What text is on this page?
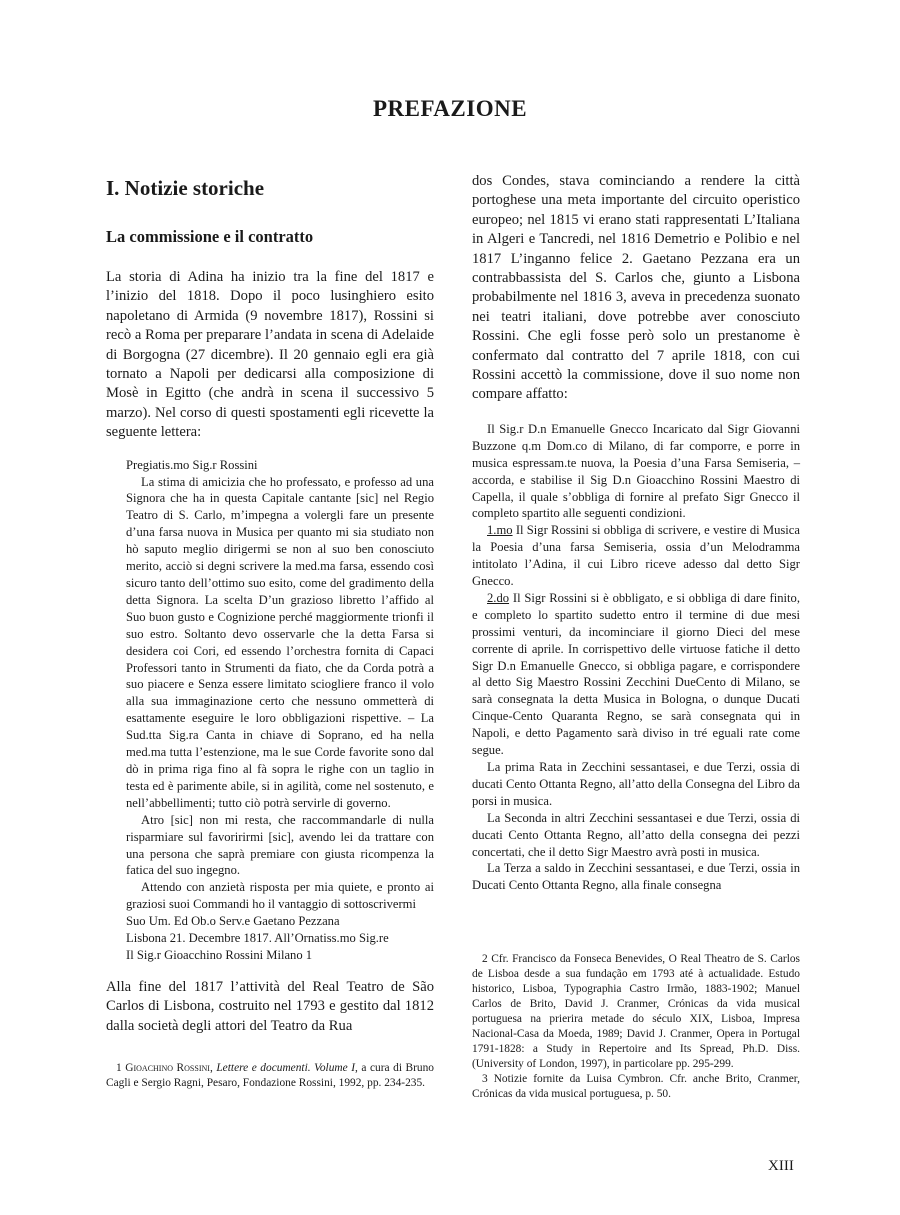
PREFAZIONE
I. Notizie storiche
La commissione e il contratto

La storia di Adina ha inizio tra la fine del 1817 e l’inizio del 1818. Dopo il poco lusinghiero esito napoletano di Armida (9 novembre 1817), Rossini si recò a Roma per preparare l’andata in scena di Adelaide di Borgogna (27 dicembre). Il 20 gennaio egli era già tornato a Napoli per dedicarsi alla composizione di Mosè in Egitto (che andrà in scena il successivo 5 marzo). Nel corso di questi spostamenti egli ricevette la seguente lettera:

Pregiatis.mo Sig.r Rossini

La stima di amicizia che ho professato, e professo ad una Signora che ha in questa Capitale cantante [sic] nel Regio Teatro di S. Carlo, m’impegna a volergli fare un presente d’una farsa nuova in Musica per quanto mi sia studiato non hò saputo meglio dirigermi se non al suo ben conosciuto merito, acciò si degni scrivere la med.ma farsa, essendo così sicuro tanto dell’ottimo suo esito, come del gradimento della detta Signora. La scelta D’un grazioso libretto l’affido al Suo buon gusto e Cognizione perché maggiormente trionfi il suo estro. Soltanto devo osservarle che la detta Farsa si desidera coi Cori, ed essendo l’orchestra fornita di Capaci Professori tanto in Strumenti da fiato, che da Corda potrà a suo piacere e Senza essere limitato sciogliere franco il volo alla sua immaginazione certo che nessuno ommetterà di esattamente eseguire le loro obbligazioni rispettive. – La Sud.tta Sig.ra Canta in chiave di Soprano, ed ha nella med.ma tutta l’estenzione, ma le sue Corde favorite sono dal dò in prima riga fino al fà sopra le righe con un taglio in testa ed è parimente abile, si in agilità, come nel sostenuto, e nell’abbellimenti; tutto ciò potrà servirle di governo.

Atro [sic] non mi resta, che raccommandarle di nulla risparmiare sul favoririrmi [sic], avendo lei da trattare con una persona che saprà premiare con giusta ricompenza la fatica del suo ingegno.

Attendo con anzietà risposta per mia quiete, e pronto ai graziosi suoi Commandi ho il vantaggio di sottoscrivermi

Suo Um. Ed Ob.o Serv.e Gaetano Pezzana

Lisbona 21. Decembre 1817. All’Ornatiss.mo Sig.re

Il Sig.r Gioacchino Rossini Milano 1

Alla fine del 1817 l’attività del Real Teatro de São Carlos di Lisbona, costruito nel 1793 e gestito dal 1812 dalla società degli attori del Teatro da Rua

1 Gioachino Rossini, Lettere e documenti. Volume I, a cura di Bruno Cagli e Sergio Ragni, Pesaro, Fondazione Rossini, 1992, pp. 234-235.

dos Condes, stava cominciando a rendere la città portoghese una meta importante del circuito operistico europeo; nel 1815 vi erano stati rappresentati L’Italiana in Algeri e Tancredi, nel 1816 Demetrio e Polibio e nel 1817 L’inganno felice 2. Gaetano Pezzana era un contrabbassista del S. Carlos che, giunto a Lisbona probabilmente nel 1816 3, aveva in precedenza suonato nei teatri italiani, dove potrebbe aver conosciuto Rossini. Che egli fosse però solo un prestanome è confermato dal contratto del 7 aprile 1818, con cui Rossini accettò la commissione, dove il suo nome non compare affatto:

Il Sig.r D.n Emanuelle Gnecco Incaricato dal Sigr Giovanni Buzzone q.m Dom.co di Milano, di far comporre, e porre in musica espressam.te nuova, la Poesia d’una Farsa Semiseria, – accorda, e stabilise il Sig D.n Gioacchino Rossini Maestro di Capella, il quale s’obbliga di fornire al prefato Sigr Gnecco il completo spartito alle seguenti condizioni.

1.mo Il Sigr Rossini si obbliga di scrivere, e vestire di Musica la Poesia d’una farsa Semiseria, ossia d’un Melodramma intitolato l’Adina, il cui Libro riceve adesso dal detto Sigr Gnecco.

2.do Il Sigr Rossini si è obbligato, e si obbliga di dare finito, e completo lo spartito sudetto entro il termine di due mesi prossimi venturi, da incominciare il giorno Dieci del mese corrente di aprile. In corrispettivo delle virtuose fatiche il detto Sigr D.n Emanuelle Gnecco, si obbliga pagare, e corrispondere al detto Sig Maestro Rossini Zecchini DueCento di Milano, se sarà consegnata la detta Musica in Bologna, o dunque Ducati Cinque-Cento Quaranta Regno, se sarà consegnata qui in Napoli, e detto Pagamento sarà diviso in tré eguali rate come segue.

La prima Rata in Zecchini sessantasei, e due Terzi, ossia di ducati Cento Ottanta Regno, all’atto della Consegna del Libro da porsi in musica.

La Seconda in altri Zecchini sessantasei e due Terzi, ossia di ducati Cento Ottanta Regno, all’atto della consegna dei pezzi concertati, che il detto Sigr Maestro avrà posti in musica.

La Terza a saldo in Zecchini sessantasei, e due Terzi, ossia in Ducati Cento Ottanta Regno, alla finale consegna

2 Cfr. Francisco da Fonseca Benevides, O Real Theatro de S. Carlos de Lisboa desde a sua fundação em 1793 até à actualidade. Estudo historico, Lisboa, Typographia Castro Irmão, 1883-1902; Manuel Carlos de Brito, David J. Cranmer, Crónicas da vida musical portuguesa na prierira metade do século XIX, Lisboa, Impresa Nacional-Casa da Moeda, 1989; David J. Cranmer, Opera in Portugal 1791-1828: a Study in Repertoire and Its Spread, Ph.D. Diss. (University of London, 1997), in particolare pp. 295-299.

3 Notizie fornite da Luisa Cymbron. Cfr. anche Brito, Cranmer, Crónicas da vida musical portuguesa, p. 50.

XIII
